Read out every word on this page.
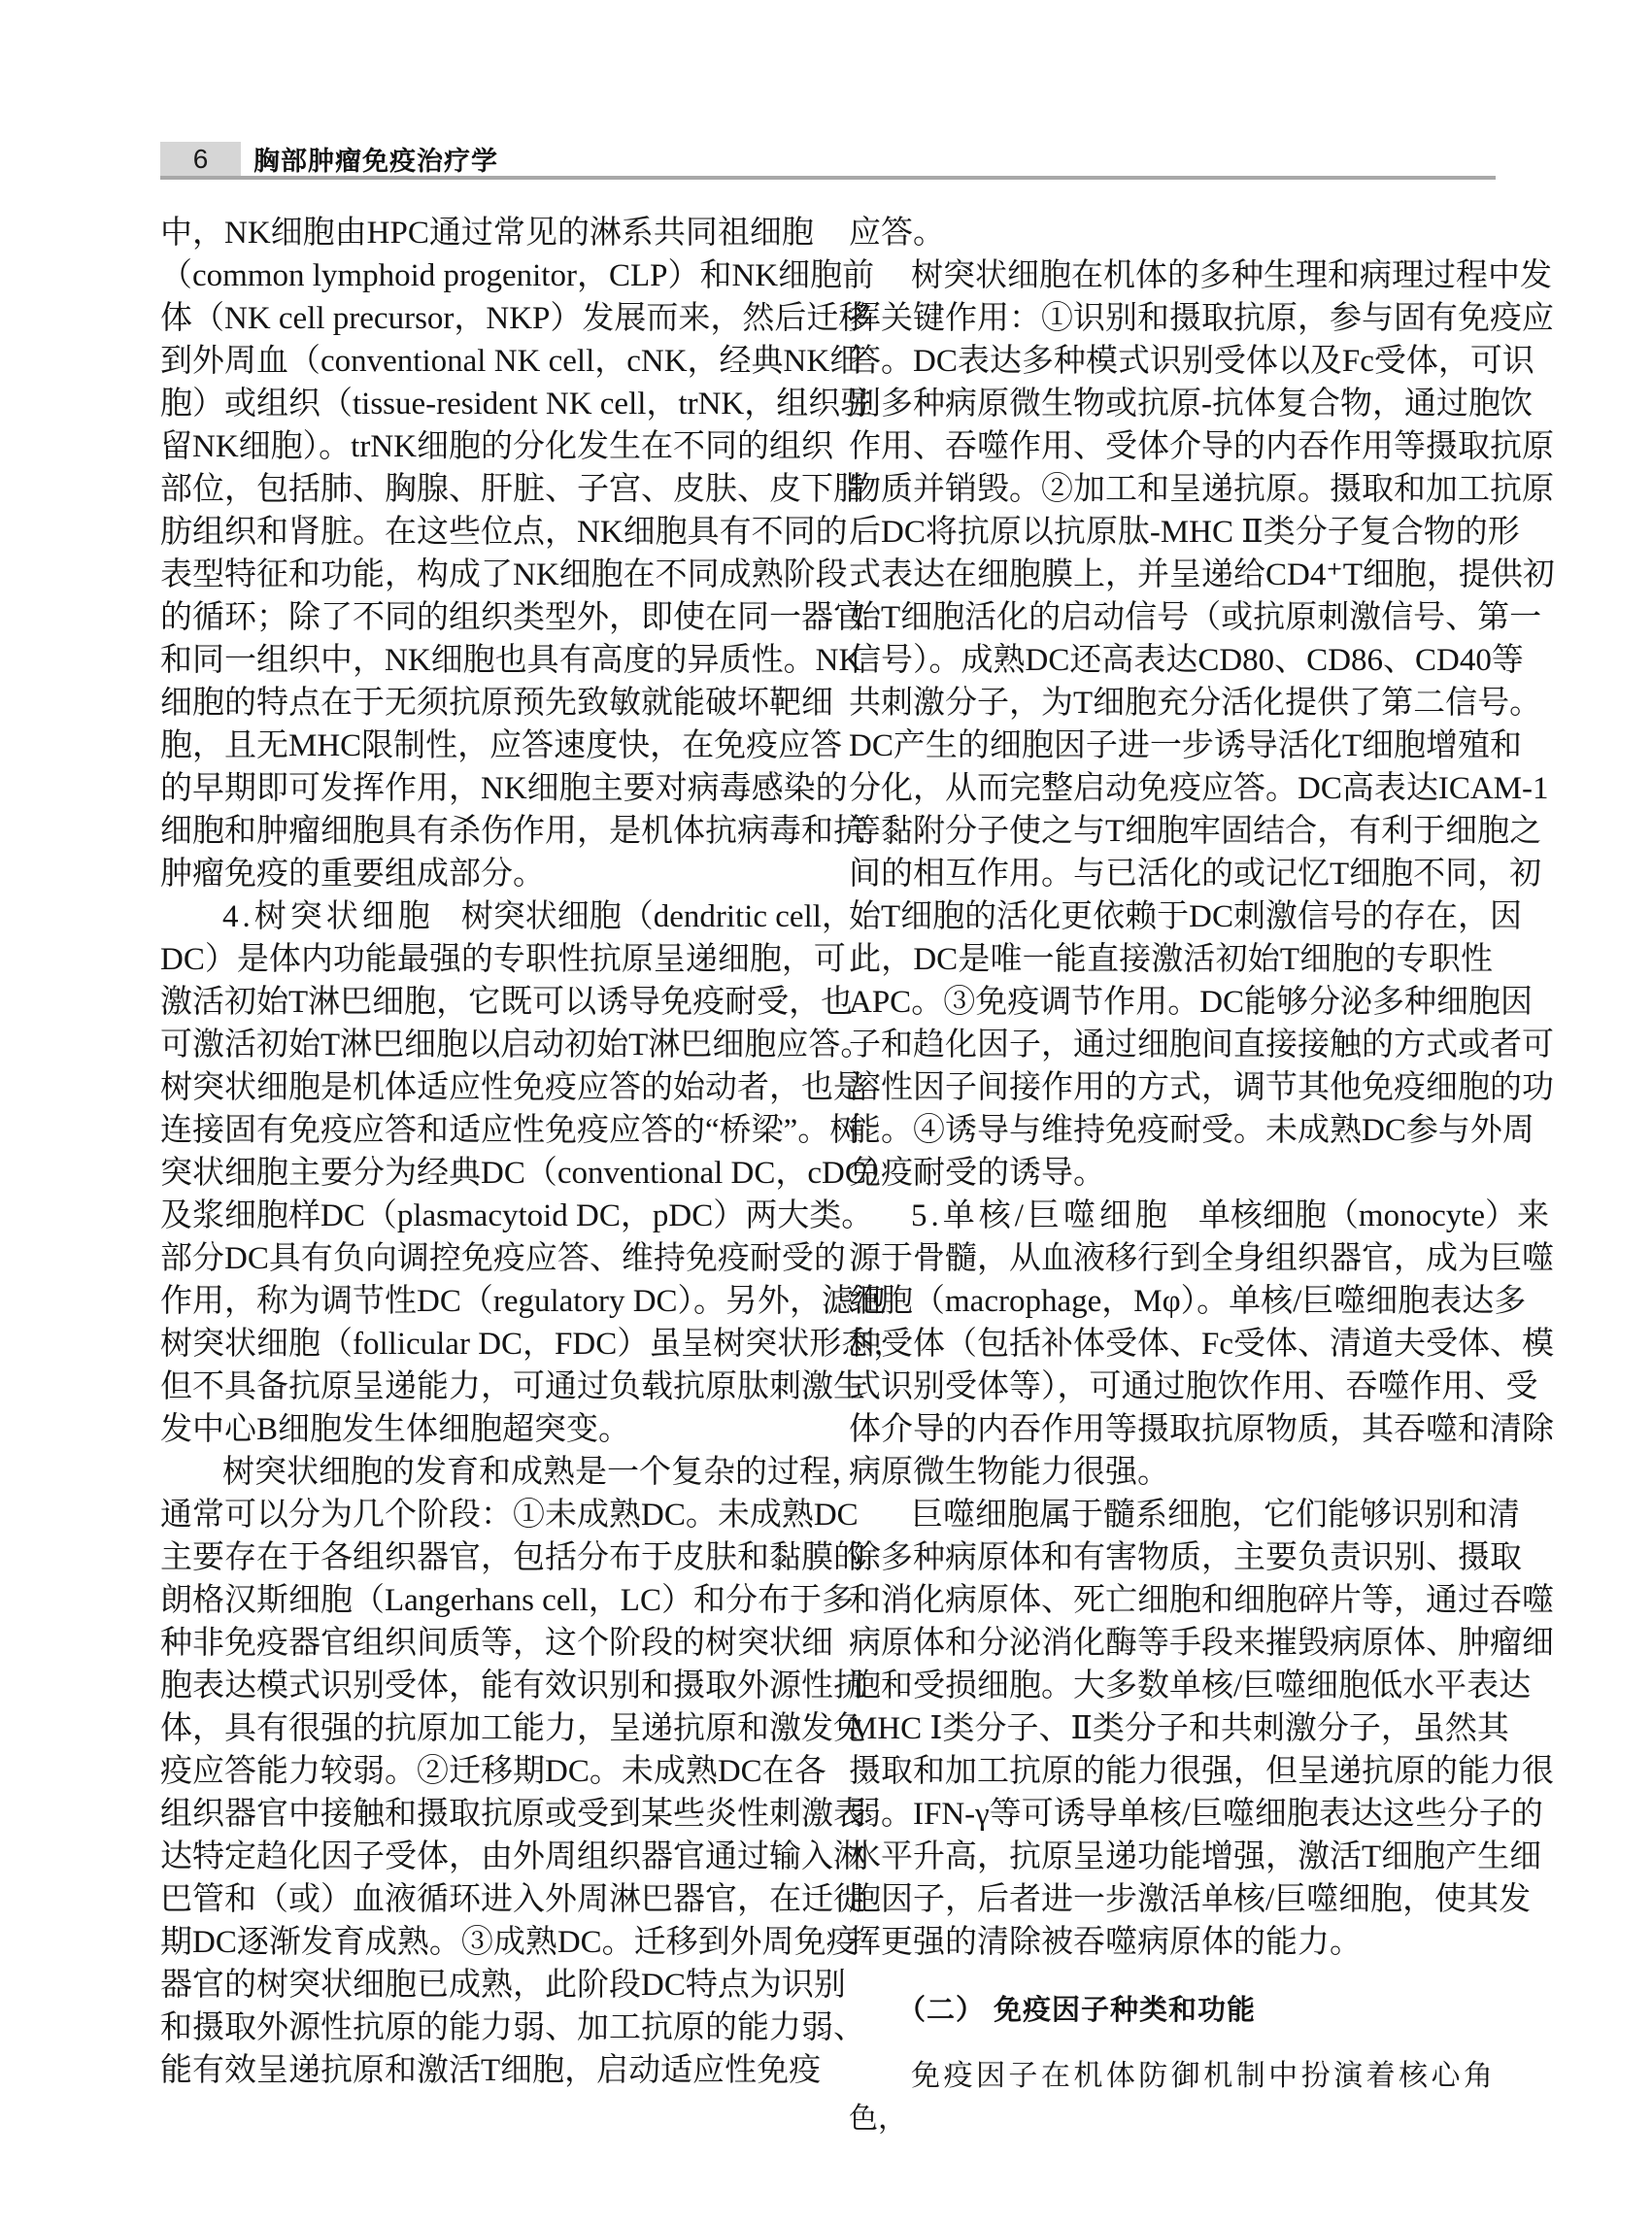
6 胸部肿瘤免疫治疗学
中，NK细胞由HPC通过常见的淋系共同祖细胞
（common lymphoid progenitor，CLP）和NK细胞前
体（NK cell precursor，NKP）发展而来，然后迁移
到外周血（conventional NK cell，cNK，经典NK细
胞）或组织（tissue-resident NK cell，trNK，组织驻
留NK细胞）。trNK细胞的分化发生在不同的组织
部位，包括肺、胸腺、肝脏、子宫、皮肤、皮下脂
肪组织和肾脏。在这些位点，NK细胞具有不同的
表型特征和功能，构成了NK细胞在不同成熟阶段
的循环；除了不同的组织类型外，即使在同一器官
和同一组织中，NK细胞也具有高度的异质性。NK
细胞的特点在于无须抗原预先致敏就能破坏靶细
胞，且无MHC限制性，应答速度快，在免疫应答
的早期即可发挥作用，NK细胞主要对病毒感染的
细胞和肿瘤细胞具有杀伤作用，是机体抗病毒和抗
肿瘤免疫的重要组成部分。
4.树突状细胞 树突状细胞（dendritic cell，
DC）是体内功能最强的专职性抗原呈递细胞，可
激活初始T淋巴细胞，它既可以诱导免疫耐受，也
可激活初始T淋巴细胞以启动初始T淋巴细胞应答。
树突状细胞是机体适应性免疫应答的始动者，也是
连接固有免疫应答和适应性免疫应答的“桥梁”。树
突状细胞主要分为经典DC（conventional DC，cDC）
及浆细胞样DC（plasmacytoid DC，pDC）两大类。
部分DC具有负向调控免疫应答、维持免疫耐受的
作用，称为调节性DC（regulatory DC）。另外，滤泡
树突状细胞（follicular DC，FDC）虽呈树突状形态，
但不具备抗原呈递能力，可通过负载抗原肽刺激生
发中心B细胞发生体细胞超突变。
树突状细胞的发育和成熟是一个复杂的过程，
通常可以分为几个阶段：①未成熟DC。未成熟DC
主要存在于各组织器官，包括分布于皮肤和黏膜的
朗格汉斯细胞（Langerhans cell，LC）和分布于多
种非免疫器官组织间质等，这个阶段的树突状细
胞表达模式识别受体，能有效识别和摄取外源性抗
体，具有很强的抗原加工能力，呈递抗原和激发免
疫应答能力较弱。②迁移期DC。未成熟DC在各
组织器官中接触和摄取抗原或受到某些炎性刺激表
达特定趋化因子受体，由外周组织器官通过输入淋
巴管和（或）血液循环进入外周淋巴器官，在迁徙
期DC逐渐发育成熟。③成熟DC。迁移到外周免疫
器官的树突状细胞已成熟，此阶段DC特点为识别
和摄取外源性抗原的能力弱、加工抗原的能力弱、
能有效呈递抗原和激活T细胞，启动适应性免疫
应答。
树突状细胞在机体的多种生理和病理过程中发
挥关键作用：①识别和摄取抗原，参与固有免疫应
答。DC表达多种模式识别受体以及Fc受体，可识
别多种病原微生物或抗原-抗体复合物，通过胞饮
作用、吞噬作用、受体介导的内吞作用等摄取抗原
物质并销毁。②加工和呈递抗原。摄取和加工抗原
后DC将抗原以抗原肽-MHC Ⅱ类分子复合物的形
式表达在细胞膜上，并呈递给CD4⁺T细胞，提供初
始T细胞活化的启动信号（或抗原刺激信号、第一
信号）。成熟DC还高表达CD80、CD86、CD40等
共刺激分子，为T细胞充分活化提供了第二信号。
DC产生的细胞因子进一步诱导活化T细胞增殖和
分化，从而完整启动免疫应答。DC高表达ICAM-1
等黏附分子使之与T细胞牢固结合，有利于细胞之
间的相互作用。与已活化的或记忆T细胞不同，初
始T细胞的活化更依赖于DC刺激信号的存在，因
此，DC是唯一能直接激活初始T细胞的专职性
APC。③免疫调节作用。DC能够分泌多种细胞因
子和趋化因子，通过细胞间直接接触的方式或者可
溶性因子间接作用的方式，调节其他免疫细胞的功
能。④诱导与维持免疫耐受。未成熟DC参与外周
免疫耐受的诱导。
5.单核/巨噬细胞 单核细胞（monocyte）来
源于骨髓，从血液移行到全身组织器官，成为巨噬
细胞（macrophage，Mφ）。单核/巨噬细胞表达多
种受体（包括补体受体、Fc受体、清道夫受体、模
式识别受体等），可通过胞饮作用、吞噬作用、受
体介导的内吞作用等摄取抗原物质，其吞噬和清除
病原微生物能力很强。
巨噬细胞属于髓系细胞，它们能够识别和清
除多种病原体和有害物质，主要负责识别、摄取
和消化病原体、死亡细胞和细胞碎片等，通过吞噬
病原体和分泌消化酶等手段来摧毁病原体、肿瘤细
胞和受损细胞。大多数单核/巨噬细胞低水平表达
MHC Ⅰ类分子、Ⅱ类分子和共刺激分子，虽然其
摄取和加工抗原的能力很强，但呈递抗原的能力很
弱。IFN-γ等可诱导单核/巨噬细胞表达这些分子的
水平升高，抗原呈递功能增强，激活T细胞产生细
胞因子，后者进一步激活单核/巨噬细胞，使其发
挥更强的清除被吞噬病原体的能力。
（二） 免疫因子种类和功能
免疫因子在机体防御机制中扮演着核心角色，
